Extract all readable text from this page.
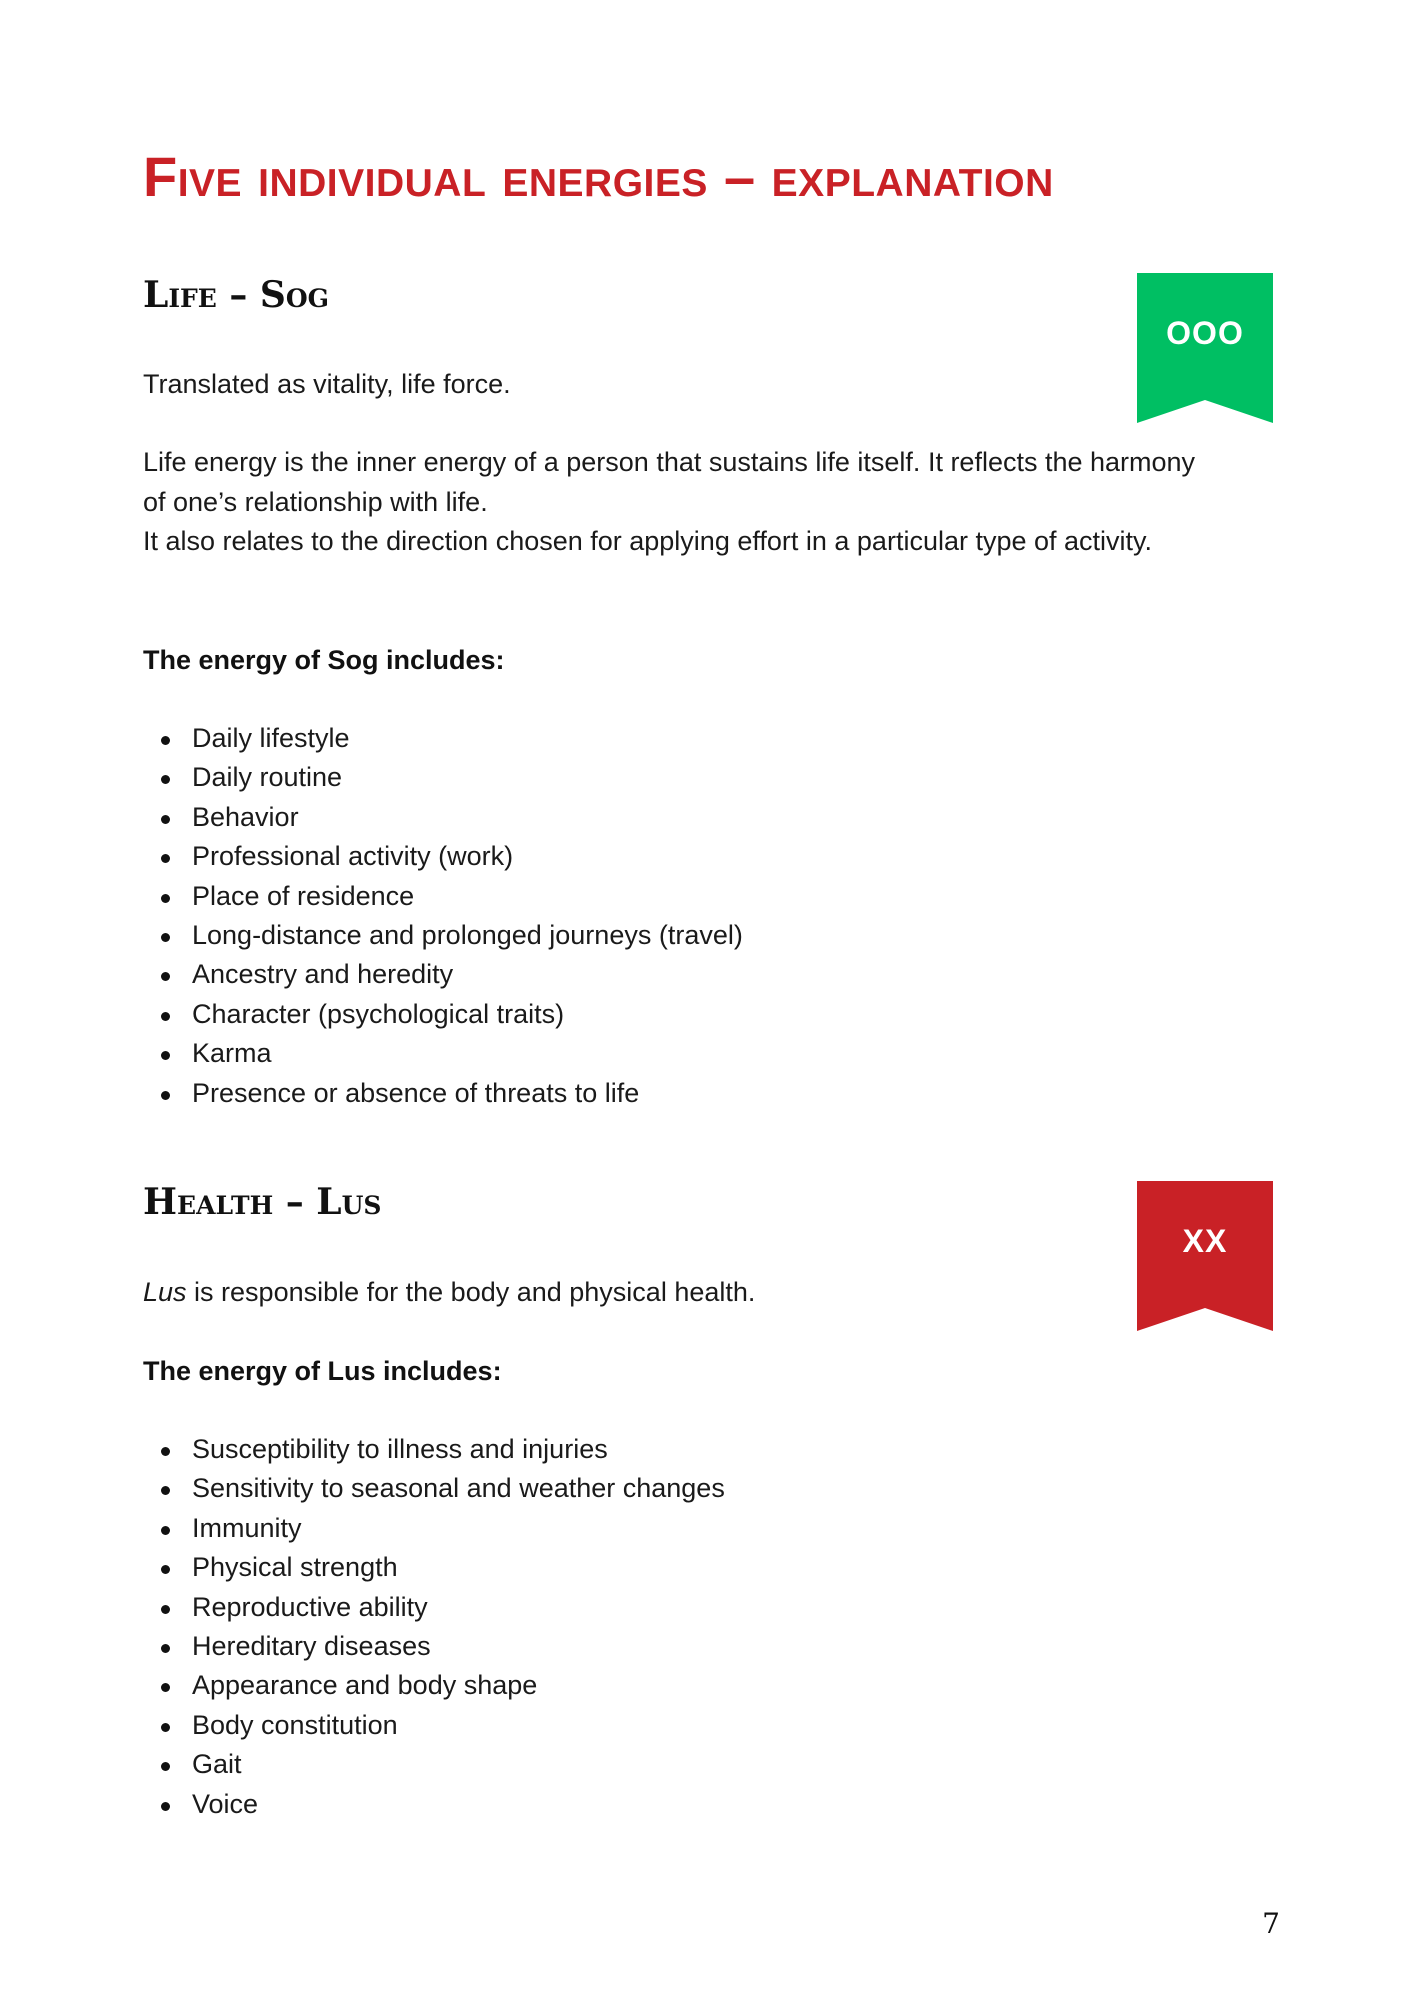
Five individual energies – explanation
Life – Sog
OOO

Translated as vitality, life force.

Life energy is the inner energy of a person that sustains life itself. It reflects the harmony of one’s relationship with life.
It also relates to the direction chosen for applying effort in a particular type of activity.

The energy of Sog includes:

Daily lifestyle
Daily routine
Behavior
Professional activity (work)
Place of residence
Long-distance and prolonged journeys (travel)
Ancestry and heredity
Character (psychological traits)
Karma
Presence or absence of threats to life
Health – Lus
XX

Lus is responsible for the body and physical health.

The energy of Lus includes:

Susceptibility to illness and injuries
Sensitivity to seasonal and weather changes
Immunity
Physical strength
Reproductive ability
Hereditary diseases
Appearance and body shape
Body constitution
Gait
Voice
7
